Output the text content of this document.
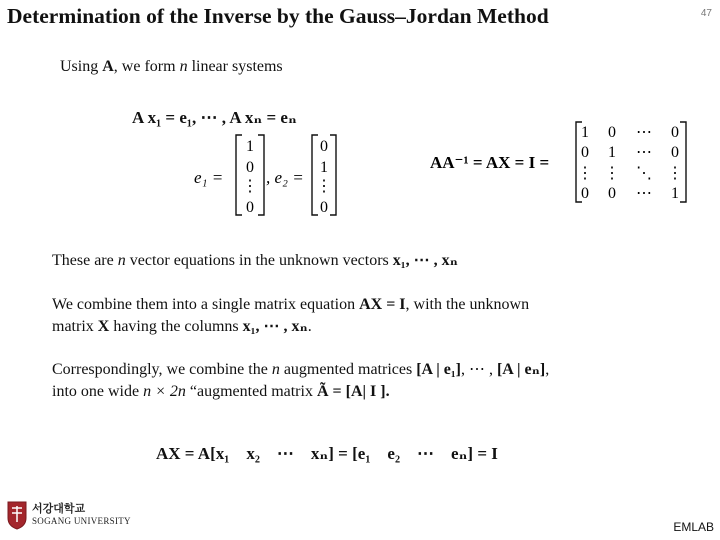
Determination of the Inverse by the Gauss–Jordan Method	47
Using A, we form n linear systems
A x₁ = e₁, ⋯ , A xₙ = eₙ
e₁ =
1
0
⋮
0
, e₂ =
0
1
⋮
0
AA⁻¹ = AX = I =
1 0 ⋯ 0
0 1 ⋯ 0
⋮ ⋮ ⋱ ⋮
0 0 ⋯ 1
These are n vector equations in the unknown vectors x₁, ⋯ , xₙ
We combine them into a single matrix equation AX = I, with the unknown
matrix X having the columns x₁, ⋯ , xₙ.
Correspondingly, we combine the n augmented matrices [A | e₁], ⋯ , [A | eₙ],
into one wide n × 2n “augmented matrix Ã = [A| I ].
AX = A[x₁    x₂    ⋯    xₙ] = [e₁    e₂    ⋯    eₙ] = I
서강대학교
SOGANG UNIVERSITY	EMLAB
